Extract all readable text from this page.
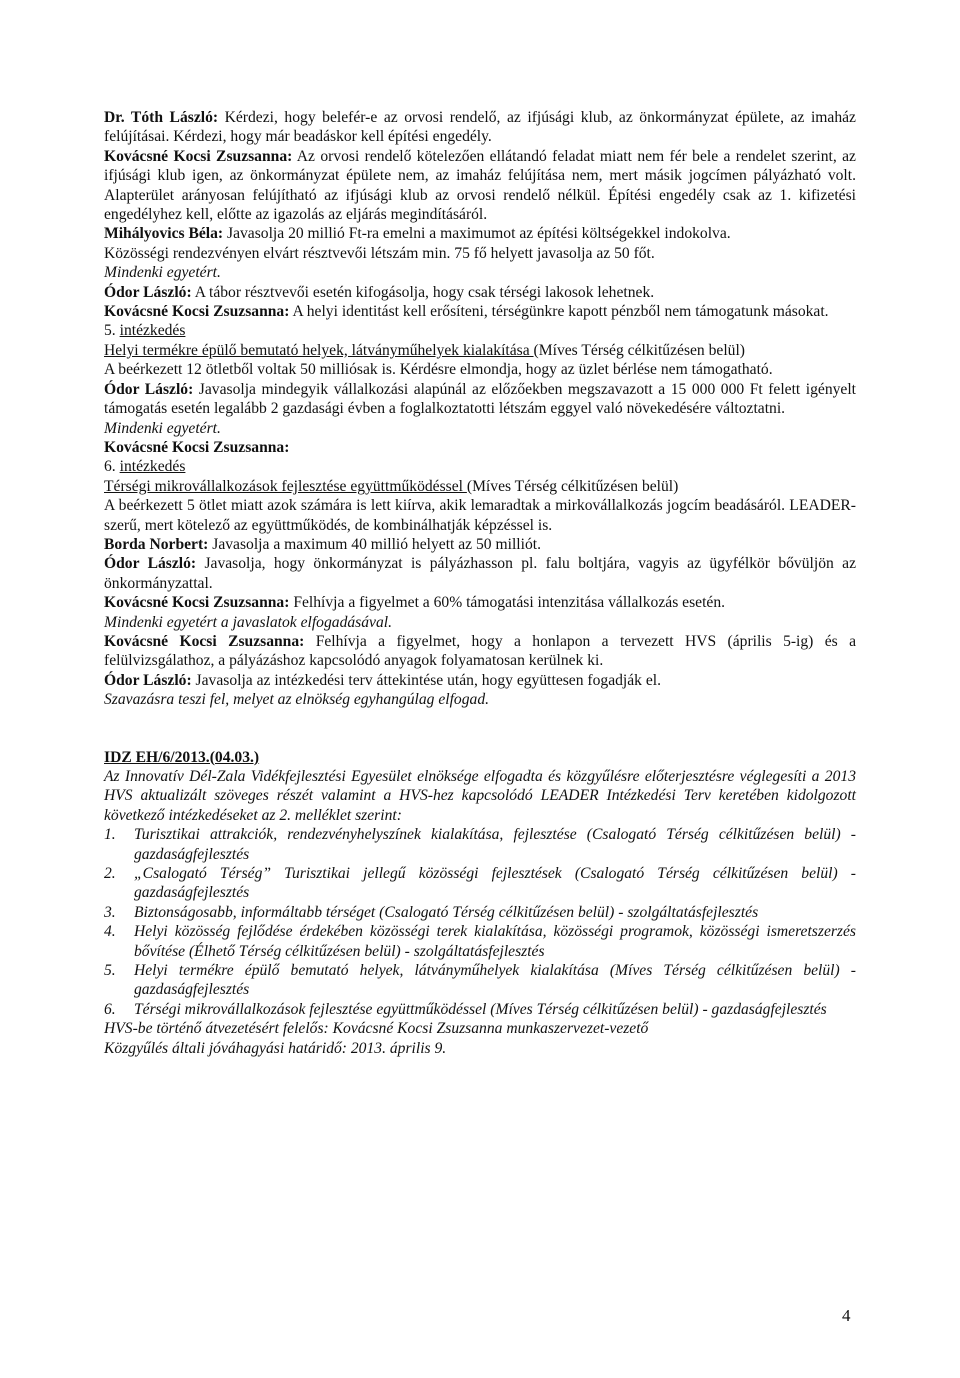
Dr. Tóth László: Kérdezi, hogy belefér-e az orvosi rendelő, az ifjúsági klub, az önkormányzat épülete, az imaház felújításai. Kérdezi, hogy már beadáskor kell építési engedély.

Kovácsné Kocsi Zsuzsanna: Az orvosi rendelő kötelezően ellátandó feladat miatt nem fér bele a rendelet szerint, az ifjúsági klub igen, az önkormányzat épülete nem, az imaház felújítása nem, mert másik jogcímen pályázható volt. Alapterület arányosan felújítható az ifjúsági klub az orvosi rendelő nélkül. Építési engedély csak az 1. kifizetési engedélyhez kell, előtte az igazolás az eljárás megindításáról.

Mihályovics Béla: Javasolja 20 millió Ft-ra emelni a maximumot az építési költségekkel indokolva.

Közösségi rendezvényen elvárt résztvevői létszám min. 75 fő helyett javasolja az 50 főt.

Mindenki egyetért.

Ódor László: A tábor résztvevői esetén kifogásolja, hogy csak térségi lakosok lehetnek.

Kovácsné Kocsi Zsuzsanna: A helyi identitást kell erősíteni, térségünkre kapott pénzből nem támogatunk másokat.

5. intézkedés

Helyi termékre épülő bemutató helyek, látványműhelyek kialakítása (Míves Térség célkitűzésen belül)

A beérkezett 12 ötletből voltak 50 milliósak is. Kérdésre elmondja, hogy az üzlet bérlése nem támogatható.

Ódor László: Javasolja mindegyik vállalkozási alapúnál az előzőekben megszavazott a 15 000 000 Ft felett igényelt támogatás esetén legalább 2 gazdasági évben a foglalkoztatotti létszám eggyel való növekedésére változtatni.

Mindenki egyetért.

Kovácsné Kocsi Zsuzsanna:

6. intézkedés

Térségi mikrovállalkozások fejlesztése együttműködéssel (Míves Térség célkitűzésen belül)

A beérkezett 5 ötlet miatt azok számára is lett kiírva, akik lemaradtak a mirkovállalkozás jogcím beadásáról. LEADER-szerű, mert kötelező az együttműködés, de kombinálhatják képzéssel is.

Borda Norbert: Javasolja a maximum 40 millió helyett az 50 milliót.

Ódor László: Javasolja, hogy önkormányzat is pályázhasson pl. falu boltjára, vagyis az ügyfélkör bővüljön az önkormányzattal.

Kovácsné Kocsi Zsuzsanna: Felhívja a figyelmet a 60% támogatási intenzitása vállalkozás esetén.

Mindenki egyetért a javaslatok elfogadásával.

Kovácsné Kocsi Zsuzsanna: Felhívja a figyelmet, hogy a honlapon a tervezett HVS (április 5-ig) és a felülvizsgálathoz, a pályázáshoz kapcsolódó anyagok folyamatosan kerülnek ki.

Ódor László: Javasolja az intézkedési terv áttekintése után, hogy együttesen fogadják el.

Szavazásra teszi fel, melyet az elnökség egyhangúlag elfogad.

IDZ EH/6/2013.(04.03.)

Az Innovatív Dél-Zala Vidékfejlesztési Egyesület elnöksége elfogadta és közgyűlésre előterjesztésre véglegesíti a 2013 HVS aktualizált szöveges részét valamint a HVS-hez kapcsolódó LEADER Intézkedési Terv keretében kidolgozott következő intézkedéseket az 2. melléklet szerint:

1.	Turisztikai attrakciók, rendezvényhelyszínek kialakítása, fejlesztése (Csalogató Térség célkitűzésen belül) - gazdaságfejlesztés
2.	„Csalogató Térség” Turisztikai jellegű közösségi fejlesztések (Csalogató Térség célkitűzésen belül) - gazdaságfejlesztés
3.	Biztonságosabb, informáltabb térséget (Csalogató Térség célkitűzésen belül) - szolgáltatásfejlesztés
4.	Helyi közösség fejlődése érdekében közösségi terek kialakítása, közösségi programok, közösségi ismeretszerzés bővítése (Élhető Térség célkitűzésen belül) - szolgáltatásfejlesztés
5.	Helyi termékre épülő bemutató helyek, látványműhelyek kialakítása (Míves Térség célkitűzésen belül) - gazdaságfejlesztés
6.	Térségi mikrovállalkozások fejlesztése együttműködéssel (Míves Térség célkitűzésen belül) - gazdaságfejlesztés

HVS-be történő átvezetésért felelős: Kovácsné Kocsi Zsuzsanna munkaszervezet-vezető

Közgyűlés általi jóváhagyási határidő: 2013. április 9.

4
